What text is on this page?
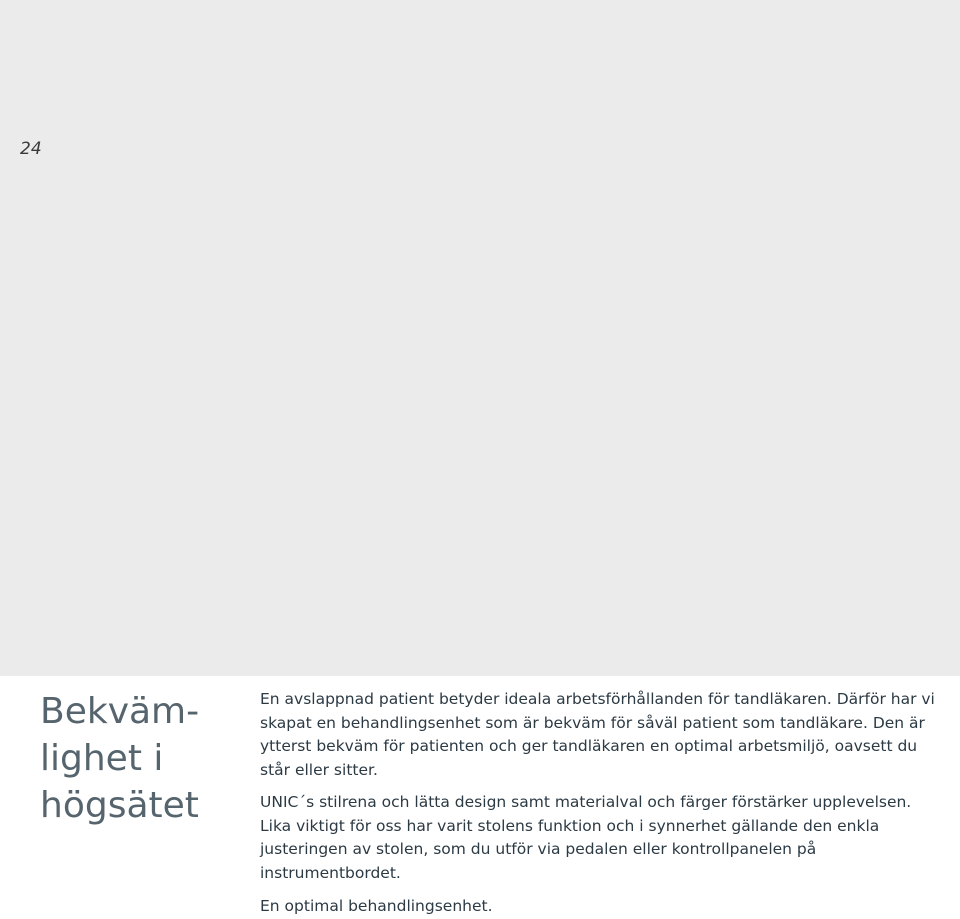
24
Bekväm-
lighet i
högsätet

En avslappnad patient betyder ideala arbetsförhållanden för tandläkaren. Därför har vi skapat en behandlingsenhet som är bekväm för såväl patient som tandläkare. Den är ytterst bekväm för patienten och ger tandläkaren en optimal arbetsmiljö, oavsett du står eller sitter.

UNIC´s stilrena och lätta design samt materialval och färger förstärker upplevelsen. Lika viktigt för oss har varit stolens funktion och i synnerhet gällande den enkla justeringen av stolen, som du utför via pedalen eller kontrollpanelen på instrumentbordet.

En optimal behandlingsenhet.
